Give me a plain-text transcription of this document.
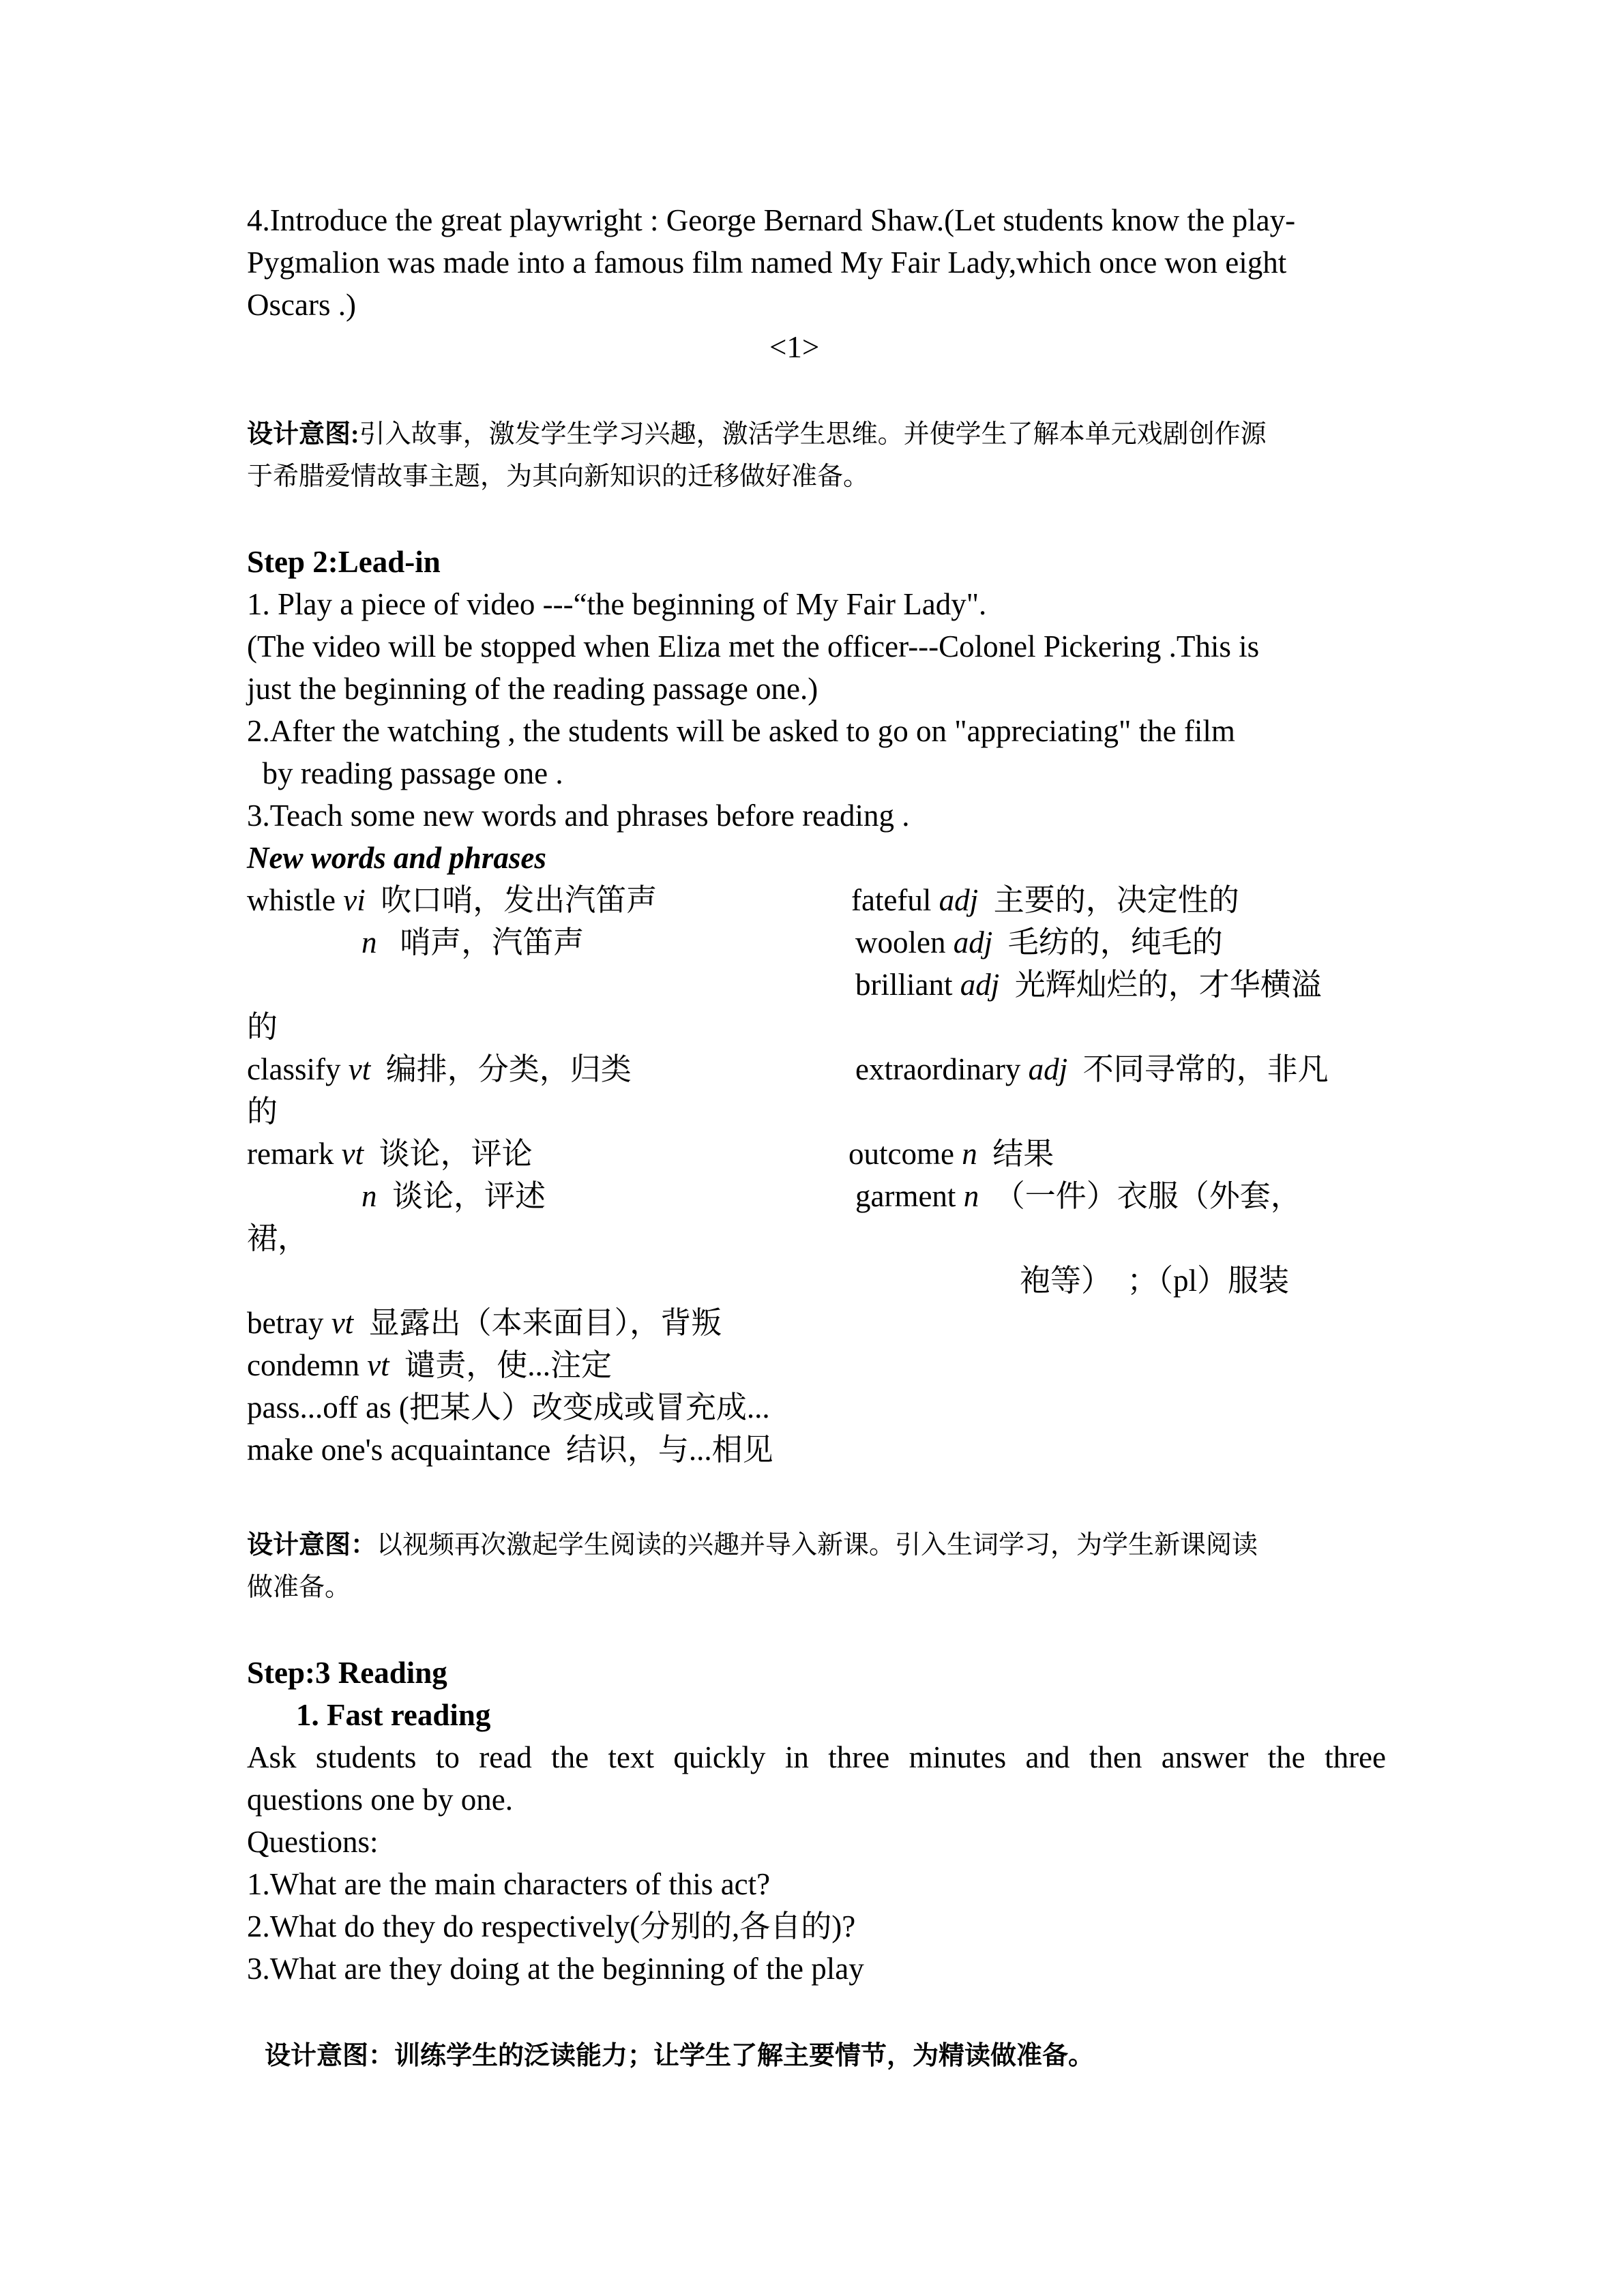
4.Introduce the great playwright : George Bernard Shaw.(Let students know the play-
Pygmalion was made into a famous film named My Fair Lady,which once won eight
Oscars .)
<1>
设计意图:引入故事，激发学生学习兴趣，激活学生思维。并使学生了解本单元戏剧创作源
于希腊爱情故事主题，为其向新知识的迁移做好准备。
Step 2:Lead-in
1. Play a piece of video ---“the beginning of My Fair Lady".
(The video will be stopped when Eliza met the officer---Colonel Pickering .This is
just the beginning of the reading passage one.)
2.After the watching , the students will be asked to go on "appreciating" the film
by reading passage one .
3.Teach some new words and phrases before reading .
New words and phrases
whistle vi  吹口哨，发出汽笛声
n   哨声，汽笛声
的
classify vt  编排，分类，归类
的
remark vt  谈论，评论
n  谈论，评述
裙，
betray vt  显露出（本来面目），背叛
condemn vt  谴责，使...注定
pass...off as (把某人）改变成或冒充成...
make one's acquaintance  结识，与...相见
fateful adj  主要的，决定性的
woolen adj  毛纺的，纯毛的
brilliant adj  光辉灿烂的，才华横溢
extraordinary adj  不同寻常的，非凡
outcome n  结果
garment n  （一件）衣服（外套，
袍等）  ；（pl）服装
设计意图：以视频再次激起学生阅读的兴趣并导入新课。引入生词学习，为学生新课阅读
做准备。
Step:3 Reading
1. Fast reading
Ask students to read the text quickly in three minutes and then answer the three
questions one by one.
Questions:
1.What are the main characters of this act?
2.What do they do respectively(分别的,各自的)?
3.What are they doing at the beginning of the play
设计意图：训练学生的泛读能力；让学生了解主要情节，为精读做准备。
